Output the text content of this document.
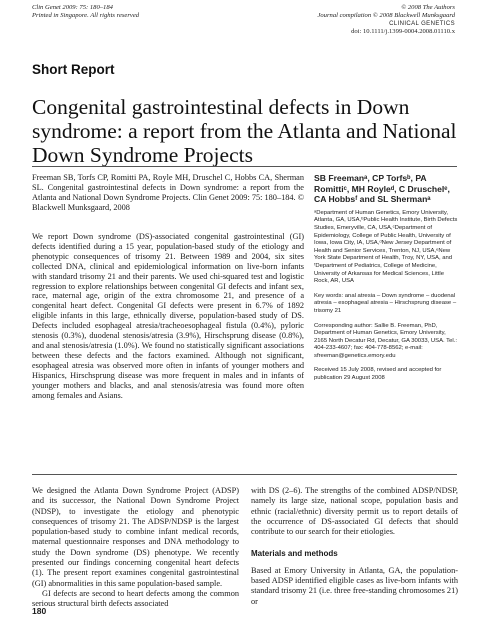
Clin Genet 2009: 75: 180–184
Printed in Singapore. All rights reserved
© 2008 The Authors
Journal compilation © 2008 Blackwell Munksgaard
CLINICAL GENETICS
doi: 10.1111/j.1399-0004.2008.01110.x
Short Report
Congenital gastrointestinal defects in Down syndrome: a report from the Atlanta and National Down Syndrome Projects
Freeman SB, Torfs CP, Romitti PA, Royle MH, Druschel C, Hobbs CA, Sherman SL. Congenital gastrointestinal defects in Down syndrome: a report from the Atlanta and National Down Syndrome Projects. Clin Genet 2009: 75: 180–184. © Blackwell Munksgaard, 2008
We report Down syndrome (DS)-associated congenital gastrointestinal (GI) defects identified during a 15 year, population-based study of the etiology and phenotypic consequences of trisomy 21. Between 1989 and 2004, six sites collected DNA, clinical and epidemiological information on live-born infants with standard trisomy 21 and their parents. We used chi-squared test and logistic regression to explore relationships between congenital GI defects and infant sex, race, maternal age, origin of the extra chromosome 21, and presence of a congenital heart defect. Congenital GI defects were present in 6.7% of 1892 eligible infants in this large, ethnically diverse, population-based study of DS. Defects included esophageal atresia/tracheoesophageal fistula (0.4%), pyloric stenosis (0.3%), duodenal stenosis/atresia (3.9%), Hirschsprung disease (0.8%), and anal stenosis/atresia (1.0%). We found no statistically significant associations between these defects and the factors examined. Although not significant, esophageal atresia was observed more often in infants of younger mothers and Hispanics, Hirschsprung disease was more frequent in males and in infants of younger mothers and blacks, and anal stenosis/atresia was found more often among females and Asians.
SB Freemanᵃ, CP Torfsᵇ, PA Romittiᶜ, MH Royleᵈ, C Druschelᵉ, CA Hobbsᶠ and SL Shermanᵃ
ᵃDepartment of Human Genetics, Emory University, Atlanta, GA, USA,ᵇPublic Health Institute, Birth Defects Studies, Emeryville, CA, USA,ᶜDepartment of Epidemiology, College of Public Health, University of Iowa, Iowa City, IA, USA,ᵈNew Jersey Department of Health and Senior Services, Trenton, NJ, USA,ᵉNew York State Department of Health, Troy, NY, USA, and ᶠDepartment of Pediatrics, College of Medicine, University of Arkansas for Medical Sciences, Little Rock, AR, USA
Key words: anal atresia – Down syndrome – duodenal atresia – esophageal atresia – Hirschsprung disease – trisomy 21
Corresponding author: Sallie B. Freeman, PhD, Department of Human Genetics, Emory University, 2165 North Decatur Rd, Decatur, GA 30033, USA. Tel.: 404-233-4607; fax: 404-778-8562; e-mail: sfreeman@genetics.emory.edu
Received 15 July 2008, revised and accepted for publication 29 August 2008

We designed the Atlanta Down Syndrome Project (ADSP) and its successor, the National Down Syndrome Project (NDSP), to investigate the etiology and phenotypic consequences of trisomy 21. The ADSP/NDSP is the largest population-based study to combine infant medical records, maternal questionnaire responses and DNA methodology to study the Down syndrome (DS) phenotype. We recently presented our findings concerning congenital heart defects (1). The present report examines congenital gastrointestinal (GI) abnormalities in this same population-based sample.

GI defects are second to heart defects among the common serious structural birth defects associated

with DS (2–6). The strengths of the combined ADSP/NDSP, namely its large size, national scope, population basis and ethnic (racial/ethnic) diversity permit us to report details of the occurrence of DS-associated GI defects that should contribute to our search for their etiologies.

Materials and methods

Based at Emory University in Atlanta, GA, the population-based ADSP identified eligible cases as live-born infants with standard trisomy 21 (i.e. three free-standing chromosomes 21) or

180
